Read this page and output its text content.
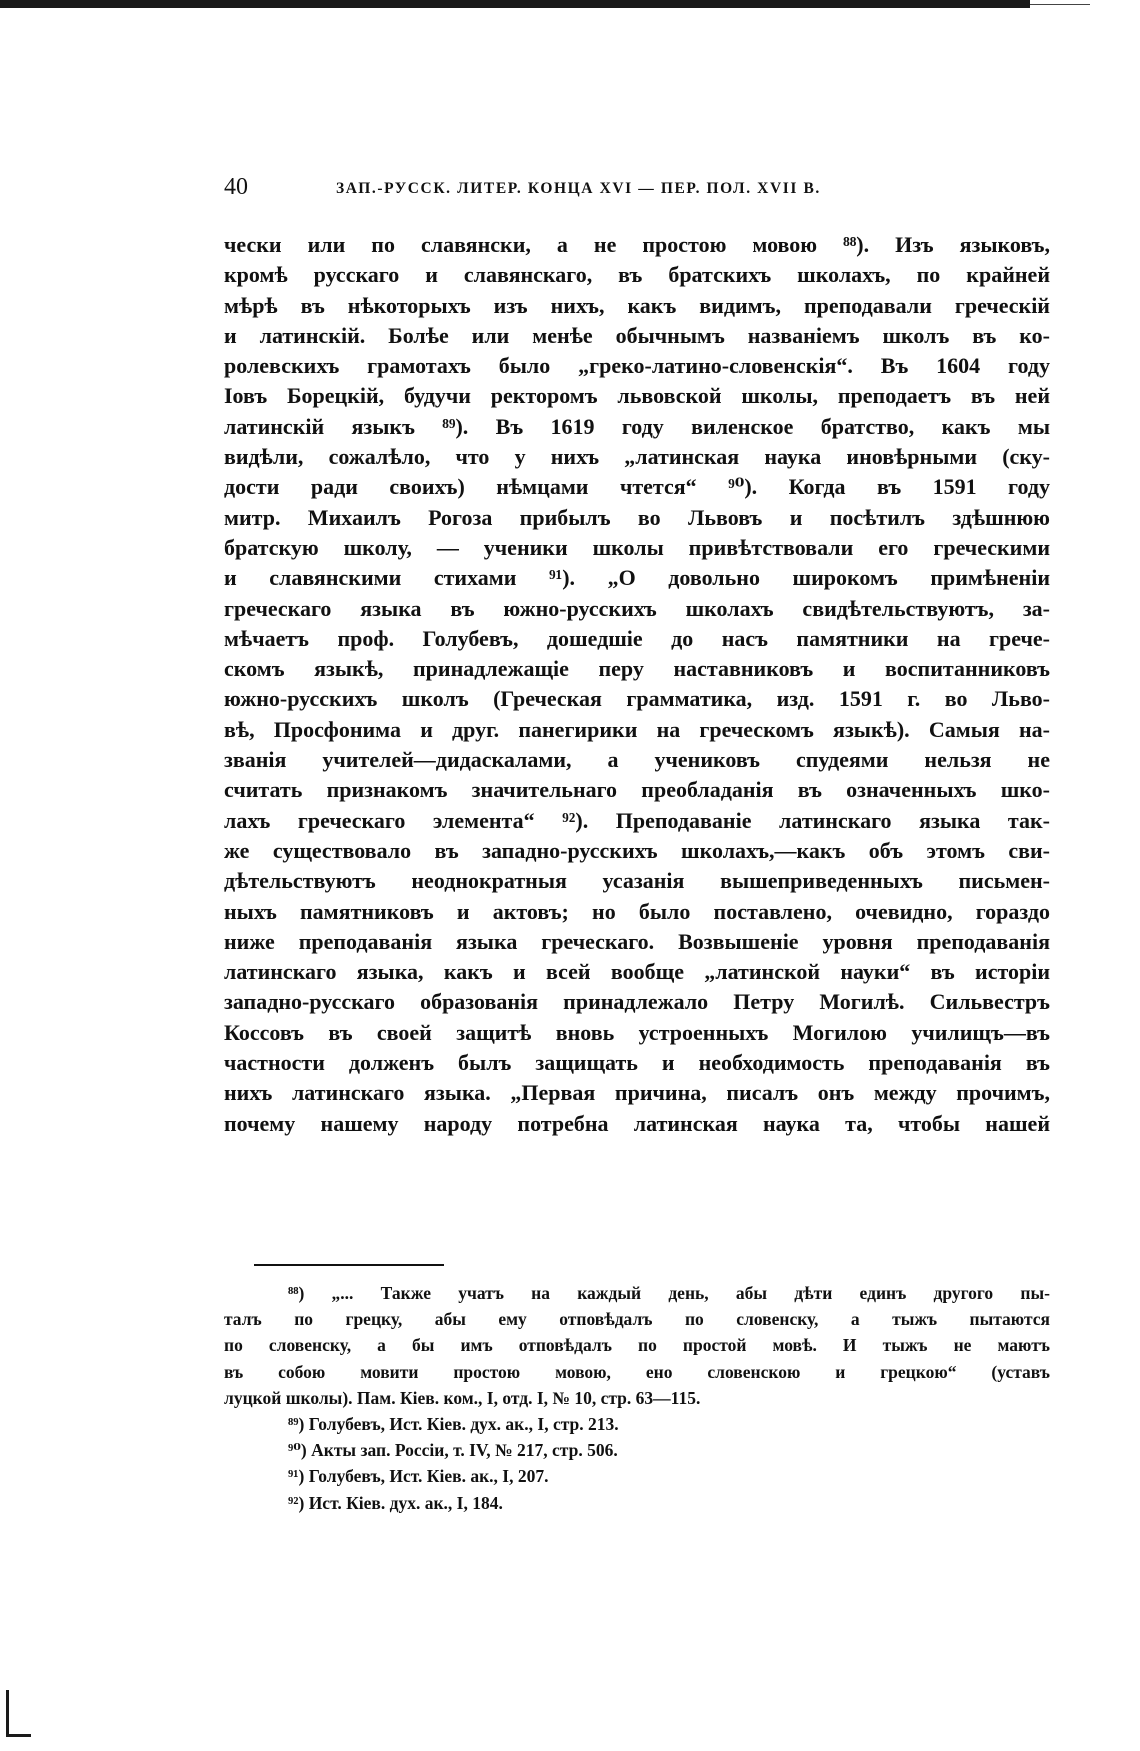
40	ЗАП.-РУССК. ЛИТЕР. КОНЦА XVI — ПЕР. ПОЛ. XVII В.
чески или по славянски, а не простою мовою ⁸⁸). Изъ языковъ,
кромѣ русскаго и славянскаго, въ братскихъ школахъ, по крайней
мѣрѣ въ нѣкоторыхъ изъ нихъ, какъ видимъ, преподавали греческій
и латинскій. Болѣе или менѣе обычнымъ названіемъ школъ въ ко-
ролевскихъ грамотахъ было „греко-латино-словенскія“. Въ 1604 году
Іовъ Борецкій, будучи ректоромъ львовской школы, преподаетъ въ ней
латинскій языкъ ⁸⁹). Въ 1619 году виленское братство, какъ мы
видѣли, сожалѣло, что у нихъ „латинская наука иновѣрными (ску-
дости ради своихъ) нѣмцами чтется“ ⁹⁰). Когда въ 1591 году
митр. Михаилъ Рогоза прибылъ во Львовъ и посѣтилъ здѣшнюю
братскую школу, — ученики школы привѣтствовали его греческими
и славянскими стихами ⁹¹). „О довольно широкомъ примѣненіи
греческаго языка въ южно-русскихъ школахъ свидѣтельствуютъ, за-
мѣчаетъ проф. Голубевъ, дошедшіе до насъ памятники на грече-
скомъ языкѣ, принадлежащіе перу наставниковъ и воспитанниковъ
южно-русскихъ школъ (Греческая грамматика, изд. 1591 г. во Льво-
вѣ, Просфонима и друг. панегирики на греческомъ языкѣ). Самыя на-
званія учителей—дидаскалами, а учениковъ спудеями нельзя не
считать признакомъ значительнаго преобладанія въ означенныхъ шко-
лахъ греческаго элемента“ ⁹²). Преподаваніе латинскаго языка так-
же существовало въ западно-русскихъ школахъ,—какъ объ этомъ сви-
дѣтельствуютъ неоднократныя усазанія вышеприведенныхъ письмен-
ныхъ памятниковъ и актовъ; но было поставлено, очевидно, гораздо
ниже преподаванія языка греческаго. Возвышеніе уровня преподаванія
латинскаго языка, какъ и всей вообще „латинской науки“ въ исторіи
западно-русскаго образованія принадлежало Петру Могилѣ. Сильвестръ
Коссовъ въ своей защитѣ вновь устроенныхъ Могилою училищъ—въ
частности долженъ былъ защищать и необходимость преподаванія въ
нихъ латинскаго языка. „Первая причина, писалъ онъ между прочимъ,
почему нашему народу потребна латинская наука та, чтобы нашей
⁸⁸) „... Также учатъ на каждый день, абы дѣти единъ другого пы-
талъ по грецку, абы ему отповѣдалъ по словенску, а тыжъ пытаются
по словенску, а бы имъ отповѣдалъ по простой мовѣ. И тыжъ не маютъ
въ собою мовити простою мовою, ено словенскою и грецкою“ (уставъ
луцкой школы). Пам. Кiев. ком., I, отд. I, № 10, стр. 63—115.
⁸⁹) Голубевъ, Ист. Кiев. дух. ак., I, стр. 213.
⁹⁰) Акты зап. Россiи, т. IV, № 217, стр. 506.
⁹¹) Голубевъ, Ист. Кiев. ак., I, 207.
⁹²) Ист. Кiев. дух. ак., I, 184.
